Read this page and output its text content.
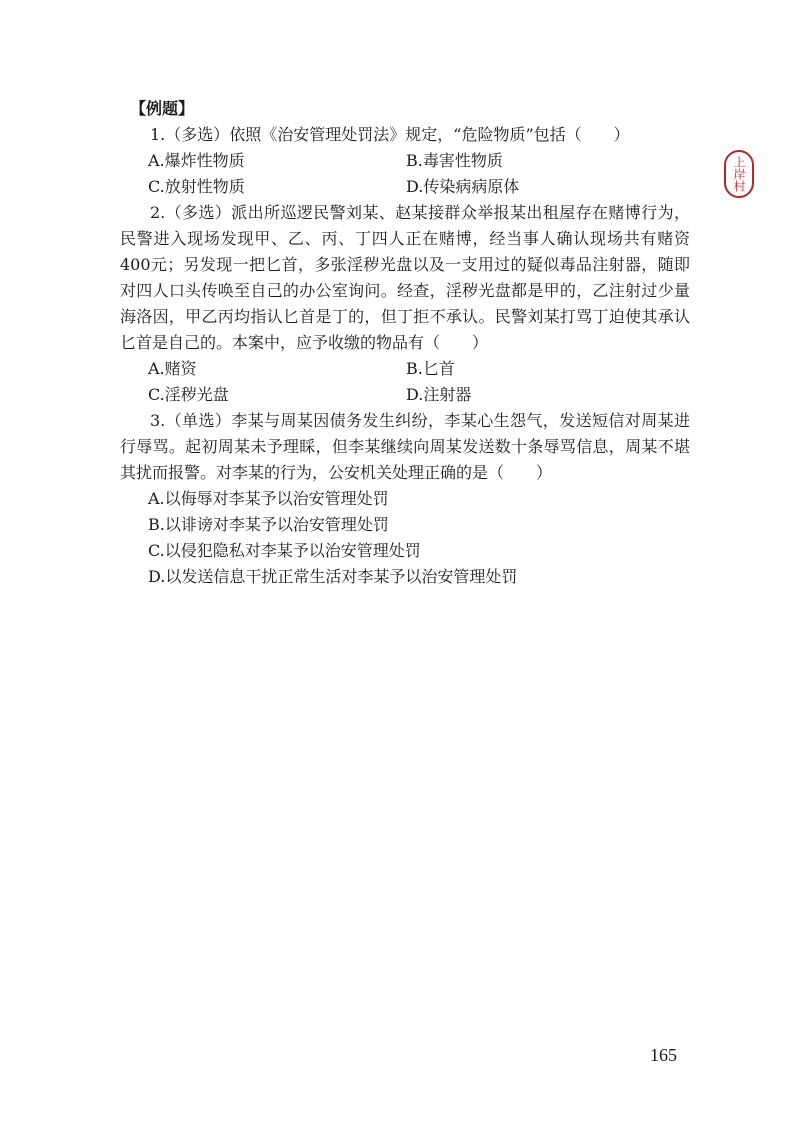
上岸村
【例题】

1.（多选）依照《治安管理处罚法》规定，“危险物质”包括（　　）

A.爆炸性物质	B.毒害性物质
C.放射性物质	D.传染病病原体

2.（多选）派出所巡逻民警刘某、赵某接群众举报某出租屋存在赌博行为，民警进入现场发现甲、乙、丙、丁四人正在赌博，经当事人确认现场共有赌资400元；另发现一把匕首，多张淫秽光盘以及一支用过的疑似毒品注射器，随即对四人口头传唤至自己的办公室询问。经查，淫秽光盘都是甲的，乙注射过少量海洛因，甲乙丙均指认匕首是丁的，但丁拒不承认。民警刘某打骂丁迫使其承认匕首是自己的。本案中，应予收缴的物品有（　　）

A.赌资	B.匕首
C.淫秽光盘	D.注射器

3.（单选）李某与周某因债务发生纠纷，李某心生怨气，发送短信对周某进行辱骂。起初周某未予理睬，但李某继续向周某发送数十条辱骂信息，周某不堪其扰而报警。对李某的行为，公安机关处理正确的是（　　）

A.以侮辱对李某予以治安管理处罚
B.以诽谤对李某予以治安管理处罚
C.以侵犯隐私对李某予以治安管理处罚
D.以发送信息干扰正常生活对李某予以治安管理处罚
165
